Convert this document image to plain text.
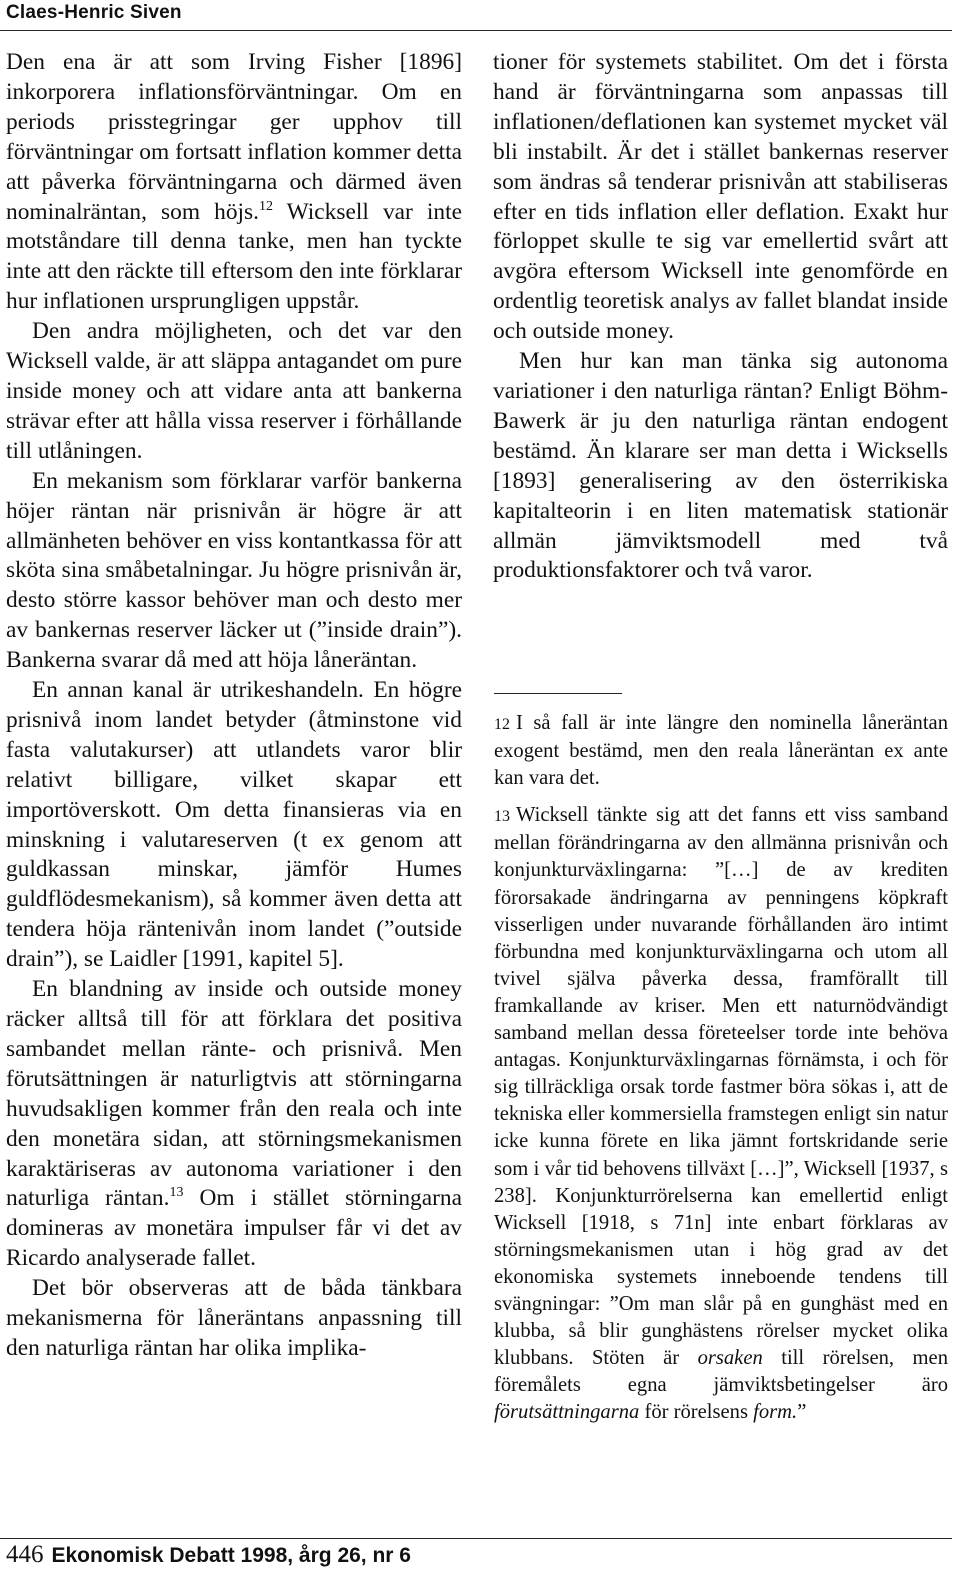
Claes-Henric Siven

Den ena är att som Irving Fisher [1896] inkorporera inflationsförväntningar. Om en periods prisstegringar ger upphov till förväntningar om fortsatt inflation kommer detta att påverka förväntningarna och därmed även nominalräntan, som höjs.$^{12}$ Wicksell var inte motståndare till denna tanke, men han tyckte inte att den räckte till eftersom den inte förklarar hur inflationen ursprungligen uppstår.

Den andra möjligheten, och det var den Wicksell valde, är att släppa antagandet om pure inside money och att vidare anta att bankerna strävar efter att hålla vissa reserver i förhållande till utlåningen.

En mekanism som förklarar varför bankerna höjer räntan när prisnivån är högre är att allmänheten behöver en viss kontantkassa för att sköta sina småbetalningar. Ju högre prisnivån är, desto större kassor behöver man och desto mer av bankernas reserver läcker ut (”inside drain”). Bankerna svarar då med att höja låneräntan.

En annan kanal är utrikeshandeln. En högre prisnivå inom landet betyder (åtminstone vid fasta valutakurser) att utlandets varor blir relativt billigare, vilket skapar ett importöverskott. Om detta finansieras via en minskning i valutareserven (t ex genom att guldkassan minskar, jämför Humes guldflödesmekanism), så kommer även detta att tendera höja räntenivån inom landet (”outside drain”), se Laidler [1991, kapitel 5].

En blandning av inside och outside money räcker alltså till för att förklara det positiva sambandet mellan ränte- och prisnivå. Men förutsättningen är naturligtvis att störningarna huvudsakligen kommer från den reala och inte den monetära sidan, att störningsmekanismen karaktäriseras av autonoma variationer i den naturliga räntan.$^{13}$ Om i stället störningarna domineras av monetära impulser får vi det av Ricardo analyserade fallet.

Det bör observeras att de båda tänkbara mekanismerna för låneräntans anpassning till den naturliga räntan har olika implika-

tioner för systemets stabilitet. Om det i första hand är förväntningarna som anpassas till inflationen/deflationen kan systemet mycket väl bli instabilt. Är det i stället bankernas reserver som ändras så tenderar prisnivån att stabiliseras efter en tids inflation eller deflation. Exakt hur förloppet skulle te sig var emellertid svårt att avgöra eftersom Wicksell inte genomförde en ordentlig teoretisk analys av fallet blandat inside och outside money.

Men hur kan man tänka sig autonoma variationer i den naturliga räntan? Enligt Böhm-Bawerk är ju den naturliga räntan endogent bestämd. Än klarare ser man detta i Wicksells [1893] generalisering av den österrikiska kapitalteorin i en liten matematisk stationär allmän jämviktsmodell med två produktionsfaktorer och två varor.

12 I så fall är inte längre den nominella låneräntan exogent bestämd, men den reala låneräntan ex ante kan vara det.

13 Wicksell tänkte sig att det fanns ett viss samband mellan förändringarna av den allmänna prisnivån och konjunkturväxlingarna: ”[…] de av krediten förorsakade ändringarna av penningens köpkraft visserligen under nuvarande förhållanden äro intimt förbundna med konjunkturväxlingarna och utom all tvivel själva påverka dessa, framförallt till framkallande av kriser. Men ett naturnödvändigt samband mellan dessa företeelser torde inte behöva antagas. Konjunkturväxlingarnas förnämsta, i och för sig tillräckliga orsak torde fastmer böra sökas i, att de tekniska eller kommersiella framstegen enligt sin natur icke kunna förete en lika jämnt fortskridande serie som i vår tid behovens tillväxt […]”, Wicksell [1937, s 238]. Konjunkturrörelserna kan emellertid enligt Wicksell [1918, s 71n] inte enbart förklaras av störningsmekanismen utan i hög grad av det ekonomiska systemets inneboende tendens till svängningar: ”Om man slår på en gunghäst med en klubba, så blir gunghästens rörelser mycket olika klubbans. Stöten är orsaken till rörelsen, men föremålets egna jämviktsbetingelser äro förutsättningarna för rörelsens form.”

446 Ekonomisk Debatt 1998, årg 26, nr 6
